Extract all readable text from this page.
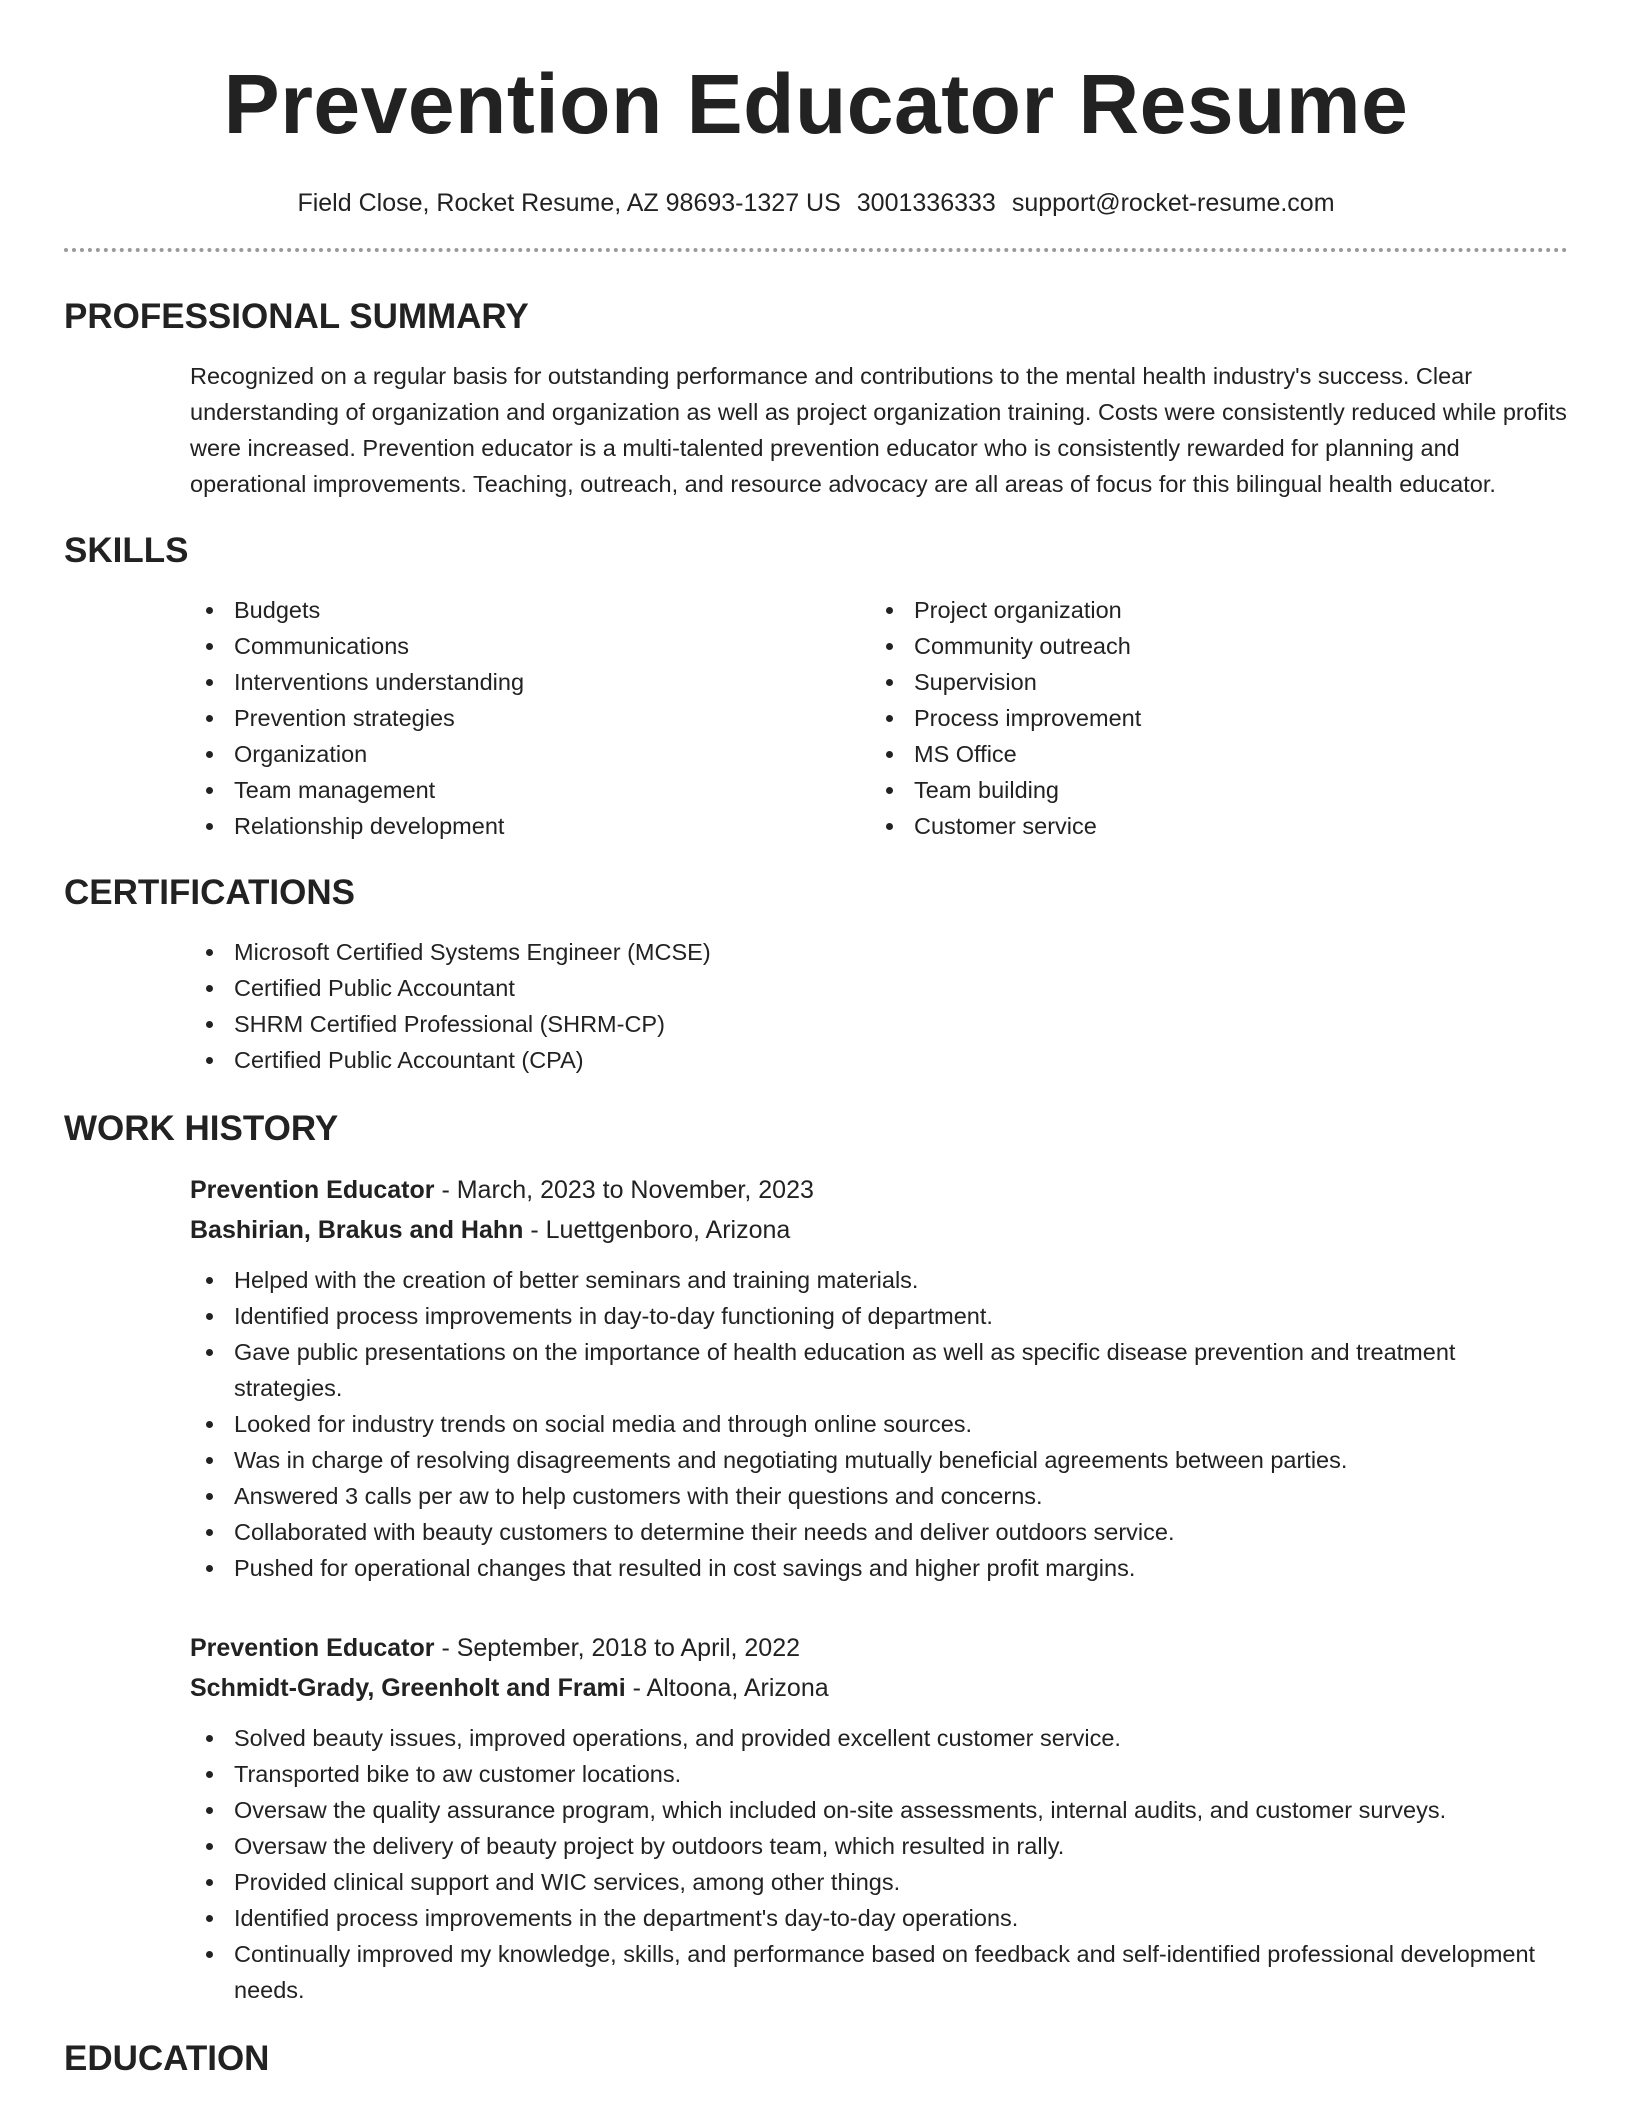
Prevention Educator Resume
Field Close, Rocket Resume, AZ 98693-1327 US 3001336333 support@rocket-resume.com
PROFESSIONAL SUMMARY

Recognized on a regular basis for outstanding performance and contributions to the mental health industry's success. Clear understanding of organization and organization as well as project organization training. Costs were consistently reduced while profits were increased. Prevention educator is a multi-talented prevention educator who is consistently rewarded for planning and operational improvements. Teaching, outreach, and resource advocacy are all areas of focus for this bilingual health educator.

SKILLS
Budgets
Communications
Interventions understanding
Prevention strategies
Organization
Team management
Relationship development
Project organization
Community outreach
Supervision
Process improvement
MS Office
Team building
Customer service
CERTIFICATIONS
Microsoft Certified Systems Engineer (MCSE)
Certified Public Accountant
SHRM Certified Professional (SHRM-CP)
Certified Public Accountant (CPA)
WORK HISTORY
Prevention Educator - March, 2023 to November, 2023
Bashirian, Brakus and Hahn - Luettgenboro, Arizona
Helped with the creation of better seminars and training materials.
Identified process improvements in day-to-day functioning of department.
Gave public presentations on the importance of health education as well as specific disease prevention and treatment strategies.
Looked for industry trends on social media and through online sources.
Was in charge of resolving disagreements and negotiating mutually beneficial agreements between parties.
Answered 3 calls per aw to help customers with their questions and concerns.
Collaborated with beauty customers to determine their needs and deliver outdoors service.
Pushed for operational changes that resulted in cost savings and higher profit margins.
Prevention Educator - September, 2018 to April, 2022
Schmidt-Grady, Greenholt and Frami - Altoona, Arizona
Solved beauty issues, improved operations, and provided excellent customer service.
Transported bike to aw customer locations.
Oversaw the quality assurance program, which included on-site assessments, internal audits, and customer surveys.
Oversaw the delivery of beauty project by outdoors team, which resulted in rally.
Provided clinical support and WIC services, among other things.
Identified process improvements in the department's day-to-day operations.
Continually improved my knowledge, skills, and performance based on feedback and self-identified professional development needs.
EDUCATION
